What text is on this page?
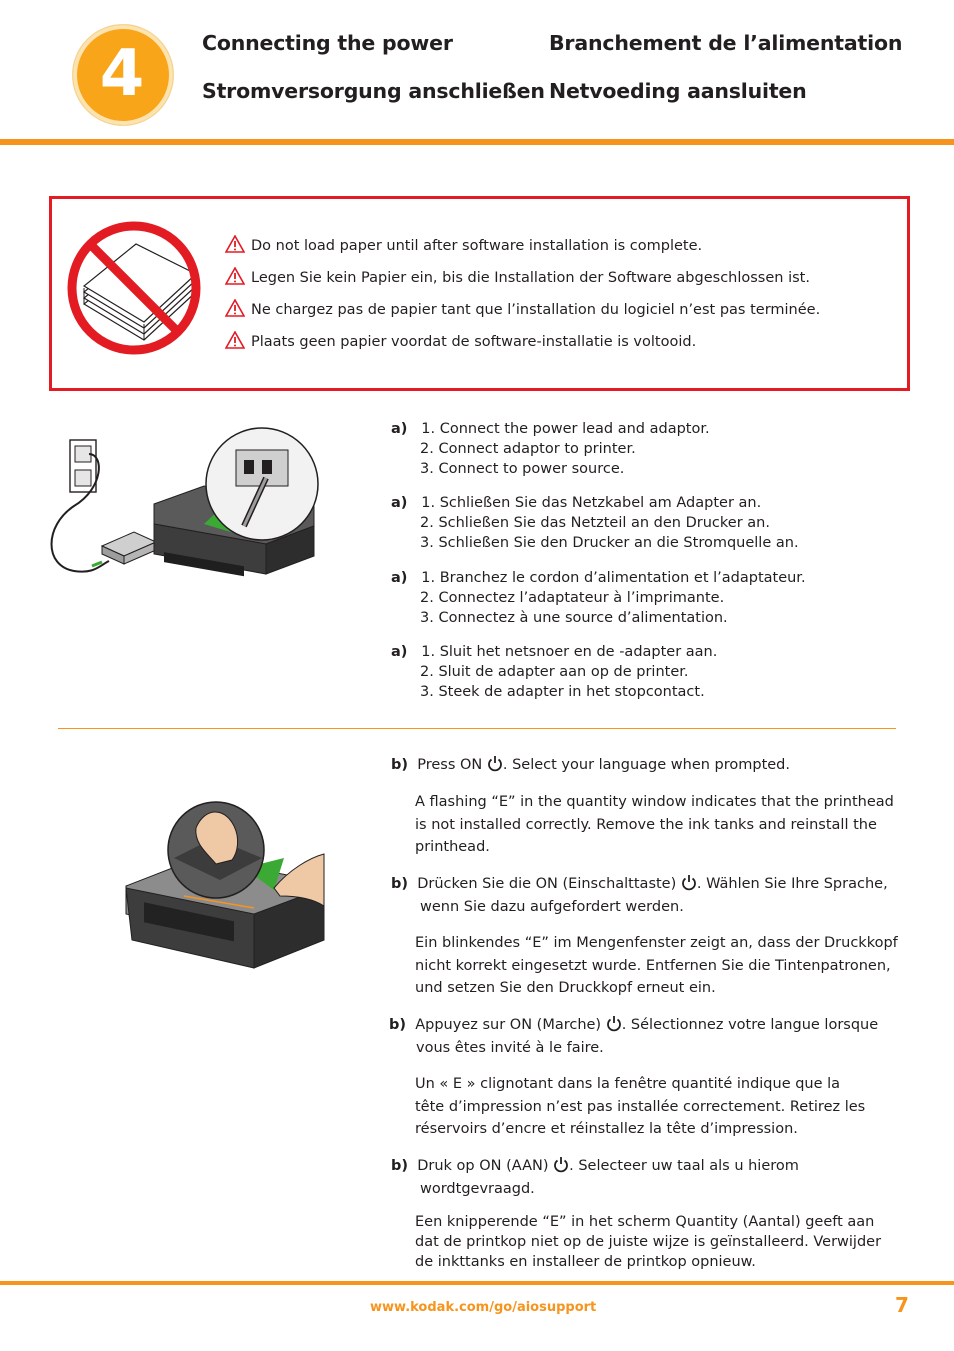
4	Connecting the power	Branchement de l’alimentation
Stromversorgung anschließen Netvoeding aansluiten
Do not load paper until after software installation is complete.
Legen Sie kein Papier ein, bis die Installation der Software abgeschlossen ist.
Ne chargez pas de papier tant que l’installation du logiciel n’est pas terminée.
Plaats geen papier voordat de software-installatie is voltooid.
a) 1. Connect the power lead and adaptor.
2. Connect adaptor to printer.
3. Connect to power source.
a) 1. Schließen Sie das Netzkabel am Adapter an.
2. Schließen Sie das Netzteil an den Drucker an.
3. Schließen Sie den Drucker an die Stromquelle an.
a) 1. Branchez le cordon d’alimentation et l’adaptateur.
2. Connectez l’adaptateur à l’imprimante.
3. Connectez à une source d’alimentation.
a) 1. Sluit het netsnoer en de -adapter aan.
2. Sluit de adapter aan op de printer.
3. Steek de adapter in het stopcontact.
b) Press ON . Select your language when prompted.
A flashing “E” in the quantity window indicates that the printhead is not installed correctly. Remove the ink tanks and reinstall the printhead.
b) Drücken Sie die ON (Einschalttaste) . Wählen Sie Ihre Sprache,
wenn Sie dazu aufgefordert werden.
Ein blinkendes “E” im Mengenfenster zeigt an, dass der Druckkopf nicht korrekt eingesetzt wurde. Entfernen Sie die Tintenpatronen, und setzen Sie den Druckkopf erneut ein.
b) Appuyez sur ON (Marche) . Sélectionnez votre langue lorsque
vous êtes invité à le faire.
Un « E » clignotant dans la fenêtre quantité indique que la
tête d’impression n’est pas installée correctement. Retirez les
réservoirs d’encre et réinstallez la tête d’impression.
b) Druk op ON (AAN) . Selecteer uw taal als u hierom
wordtgevraagd.
Een knipperende “E” in het scherm Quantity (Aantal) geeft aan
dat de printkop niet op de juiste wijze is geïnstalleerd. Verwijder
de inkttanks en installeer de printkop opnieuw.
www.kodak.com/go/aiosupport	7
